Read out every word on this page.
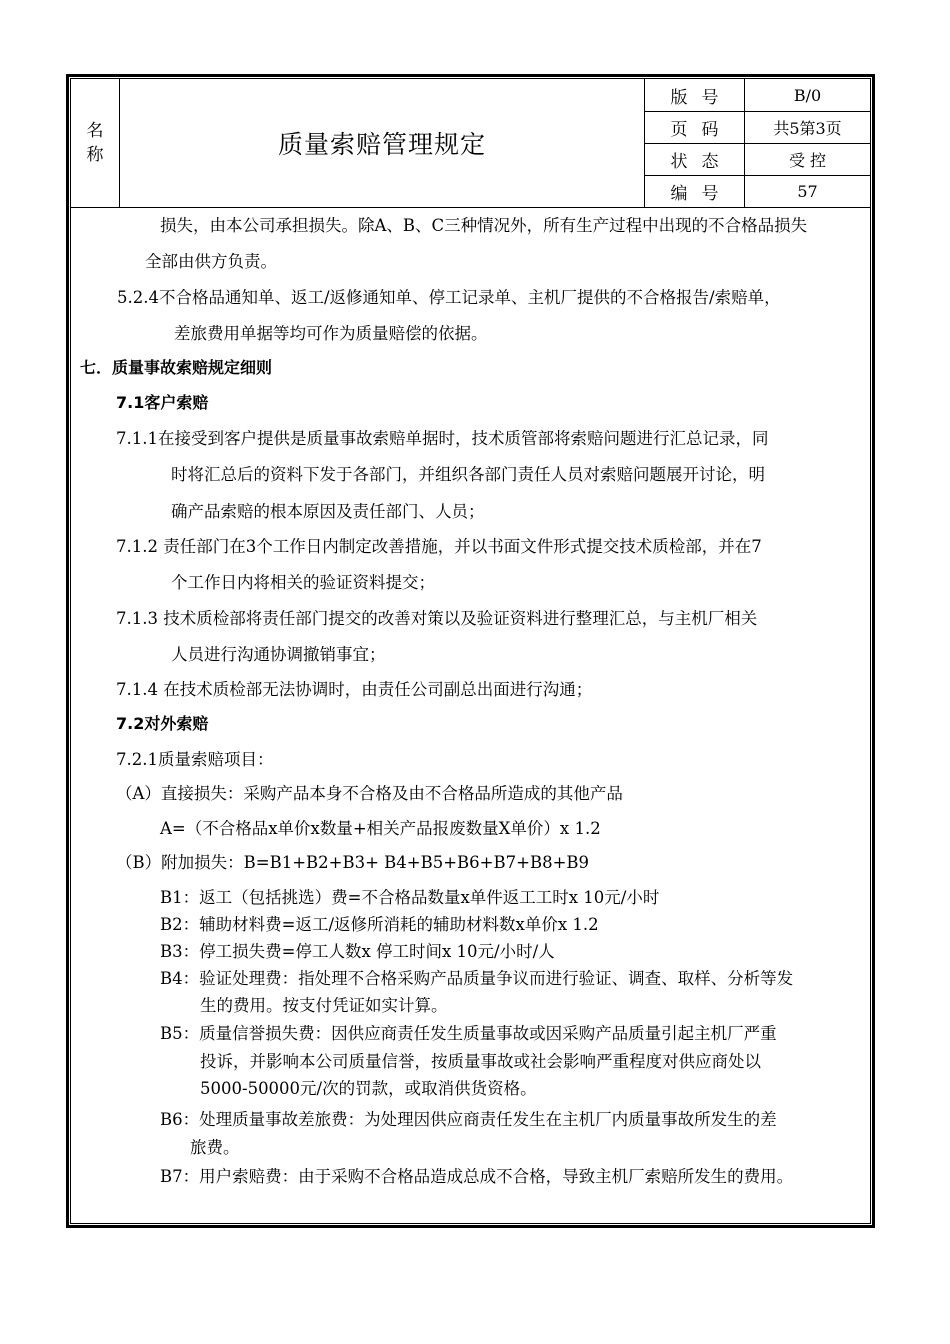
名
称	质量索赔管理规定
版号	B/0
页码	共5第3页
状态	受 控
编号	57
损失，由本公司承担损失。除A、B、C三种情况外，所有生产过程中出现的不合格品损失
全部由供方负责。
5.2.4不合格品通知单、返工/返修通知单、停工记录单、主机厂提供的不合格报告/索赔单，
差旅费用单据等均可作为质量赔偿的依据。
七．质量事故索赔规定细则
7.1客户索赔
7.1.1在接受到客户提供是质量事故索赔单据时，技术质管部将索赔问题进行汇总记录，同
时将汇总后的资料下发于各部门，并组织各部门责任人员对索赔问题展开讨论，明
确产品索赔的根本原因及责任部门、人员；
7.1.2 责任部门在3个工作日内制定改善措施，并以书面文件形式提交技术质检部，并在7
个工作日内将相关的验证资料提交；
7.1.3 技术质检部将责任部门提交的改善对策以及验证资料进行整理汇总，与主机厂相关
人员进行沟通协调撤销事宜；
7.1.4 在技术质检部无法协调时，由责任公司副总出面进行沟通；
7.2对外索赔
7.2.1质量索赔项目：
（A）直接损失：采购产品本身不合格及由不合格品所造成的其他产品
A=（不合格品x单价x数量+相关产品报废数量X单价）x 1.2
（B）附加损失：B=B1+B2+B3+ B4+B5+B6+B7+B8+B9
B1：返工（包括挑选）费=不合格品数量x单件返工工时x 10元/小时
B2：辅助材料费=返工/返修所消耗的辅助材料数x单价x 1.2
B3：停工损失费=停工人数x 停工时间x 10元/小时/人
B4：验证处理费：指处理不合格采购产品质量争议而进行验证、调查、取样、分析等发
生的费用。按支付凭证如实计算。
B5：质量信誉损失费：因供应商责任发生质量事故或因采购产品质量引起主机厂严重
投诉，并影响本公司质量信誉，按质量事故或社会影响严重程度对供应商处以
5000-50000元/次的罚款，或取消供货资格。
B6：处理质量事故差旅费：为处理因供应商责任发生在主机厂内质量事故所发生的差
旅费。
B7：用户索赔费：由于采购不合格品造成总成不合格，导致主机厂索赔所发生的费用。
